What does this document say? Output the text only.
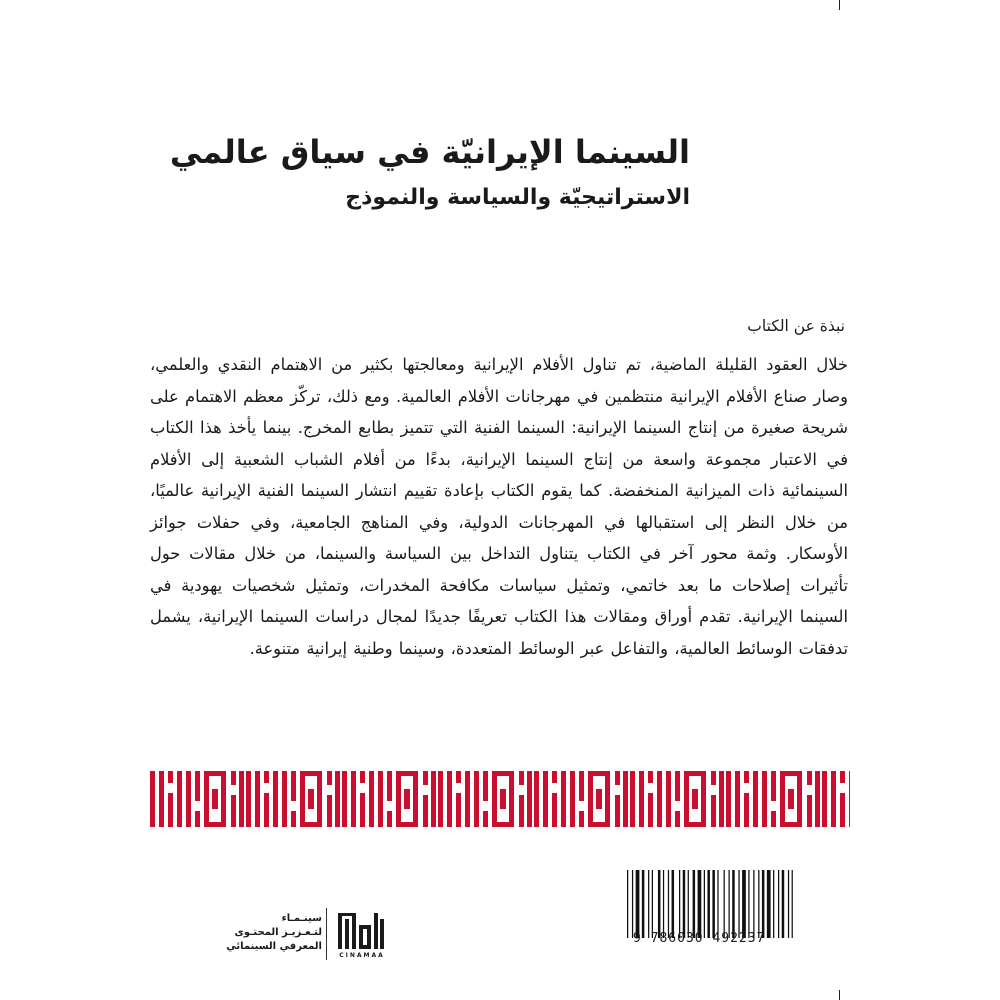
السينما الإيرانيّة في سياق عالمي
الاستراتيجيّة والسياسة والنموذج

نبذة عن الكتاب

خلال العقود القليلة الماضية، تم تناول الأفلام الإيرانية ومعالجتها بكثير من الاهتمام النقدي والعلمي، وصار صناع الأفلام الإيرانية منتظمين في مهرجانات الأفلام العالمية. ومع ذلك، تركّز معظم الاهتمام على شريحة صغيرة من إنتاج السينما الإيرانية: السينما الفنية التي تتميز بطابع المخرج. بينما يأخذ هذا الكتاب في الاعتبار مجموعة واسعة من إنتاج السينما الإيرانية، بدءًا من أفلام الشباب الشعبية إلى الأفلام السينمائية ذات الميزانية المنخفضة. كما يقوم الكتاب بإعادة تقييم انتشار السينما الفنية الإيرانية عالميًا، من خلال النظر إلى استقبالها في المهرجانات الدولية، وفي المناهج الجامعية، وفي حفلات جوائز الأوسكار. وثمة محور آخر في الكتاب يتناول التداخل بين السياسة والسينما، من خلال مقالات حول تأثيرات إصلاحات ما بعد خاتمي، وتمثيل سياسات مكافحة المخدرات، وتمثيل شخصيات يهودية في السينما الإيرانية. تقدم أوراق ومقالات هذا الكتاب تعريفًا جديدًا لمجال دراسات السينما الإيرانية، يشمل تدفقات الوسائط العالمية، والتفاعل عبر الوسائط المتعددة، وسينما وطنية إيرانية متنوعة.

9 786030 492237
CINAMAA
سينـمـاء
لتـعـزيـز المحتـوى
المعرفي السينمائي
